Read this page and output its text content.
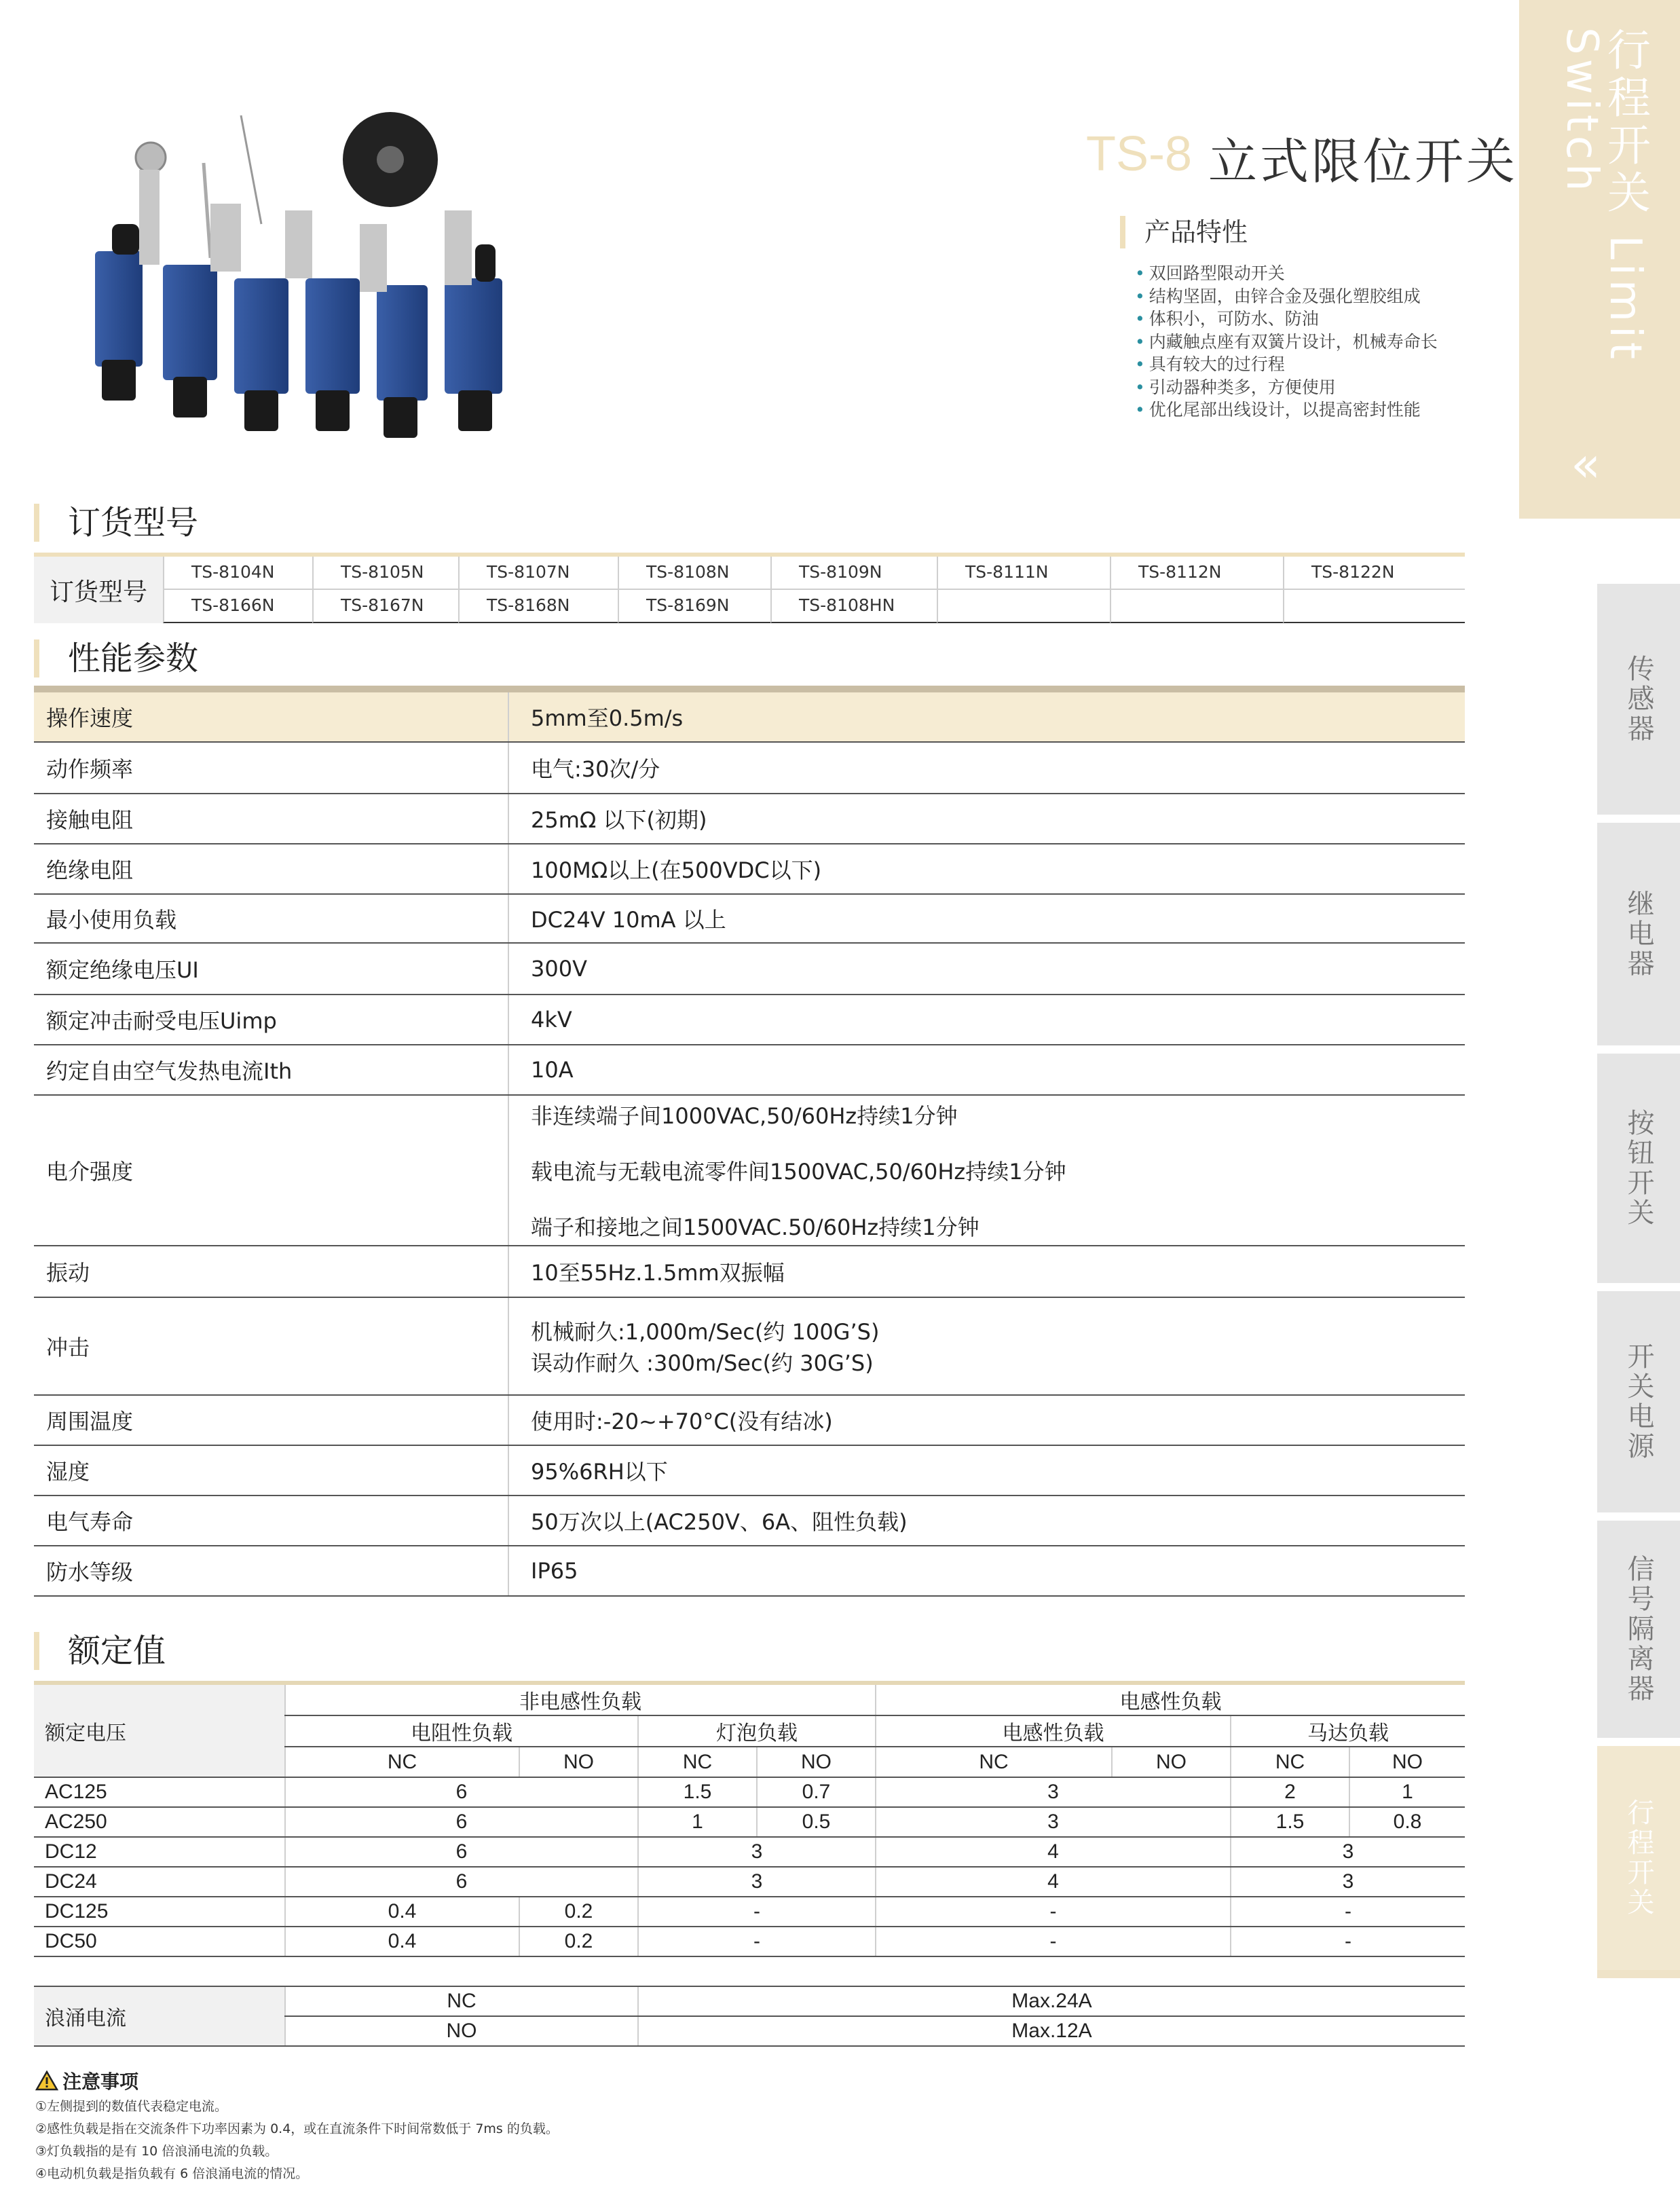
行程开关 Limit Switch
«
传感器
继电器
按钮开关
开关电源
信号隔离器
行程开关
TS-8 立式限位开关
产品特性
• 双回路型限动开关
• 结构坚固，由锌合金及强化塑胶组成
• 体积小，可防水、防油
• 内藏触点座有双簧片设计，机械寿命长
• 具有较大的过行程
• 引动器种类多，方便使用
• 优化尾部出线设计，以提高密封性能
订货型号
订货型号
TS-8104N	TS-8105N	TS-8107N	TS-8108N	TS-8109N	TS-8111N	TS-8112N	TS-8122N
TS-8166N	TS-8167N	TS-8168N	TS-8169N	TS-8108HN
性能参数
操作速度	5mm至0.5m/s
动作频率	电气:30次/分
接触电阻	25mΩ 以下(初期)
绝缘电阻	100MΩ以上(在500VDC以下)
最小使用负载	DC24V 10mA 以上
额定绝缘电压UI	300V
额定冲击耐受电压Uimp	4kV
约定自由空气发热电流Ith	10A
电介强度
非连续端子间1000VAC,50/60Hz持续1分钟
载电流与无载电流零件间1500VAC,50/60Hz持续1分钟
端子和接地之间1500VAC.50/60Hz持续1分钟
振动	10至55Hz.1.5mm双振幅
冲击
机械耐久:1,000m/Sec(约 100G’S)
误动作耐久 :300m/Sec(约 30G’S)
周围温度	使用时:-20~+70°C(没有结冰)
湿度	95%6RH以下
电气寿命	50万次以上(AC250V、6A、阻性负载)
防水等级	IP65
额定值
额定电压	非电感性负载				电感性负载			
	电阻性负载		灯泡负载		电感性负载		马达负载	
	NC	NO	NC	NO	NC	NO	NC	NO
AC125	6		1.5	0.7	3		2	1
AC250	6		1	0.5	3		1.5	0.8
DC12	6		3		4		3	
DC24	6		3		4		3	
DC125	0.4	0.2	-		-		-	
DC50	0.4	0.2	-		-		-	

浪涌电流	NC		Max.24A					
	NO		Max.12A					
注意事项
①左侧提到的数值代表稳定电流。
②感性负载是指在交流条件下功率因素为 0.4，或在直流条件下时间常数低于 7ms 的负载。
③灯负载指的是有 10 倍浪涌电流的负载。
④电动机负载是指负载有 6 倍浪涌电流的情况。
